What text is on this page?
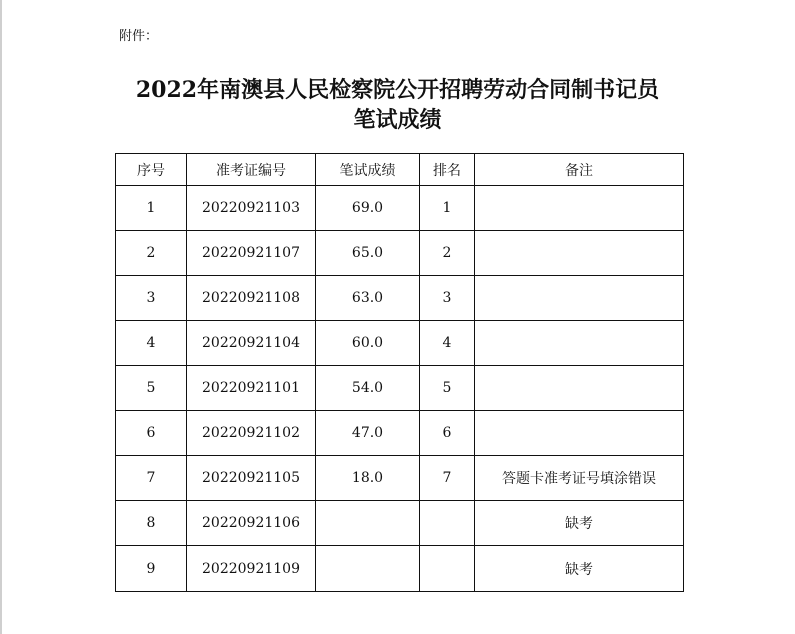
附件：
2022年南澳县人民检察院公开招聘劳动合同制书记员
笔试成绩
序号	准考证编号	笔试成绩	排名	备注
1	20220921103	69.0	1	
2	20220921107	65.0	2	
3	20220921108	63.0	3	
4	20220921104	60.0	4	
5	20220921101	54.0	5	
6	20220921102	47.0	6	
7	20220921105	18.0	7	答题卡准考证号填涂错误
8	20220921106			缺考
9	20220921109			缺考
